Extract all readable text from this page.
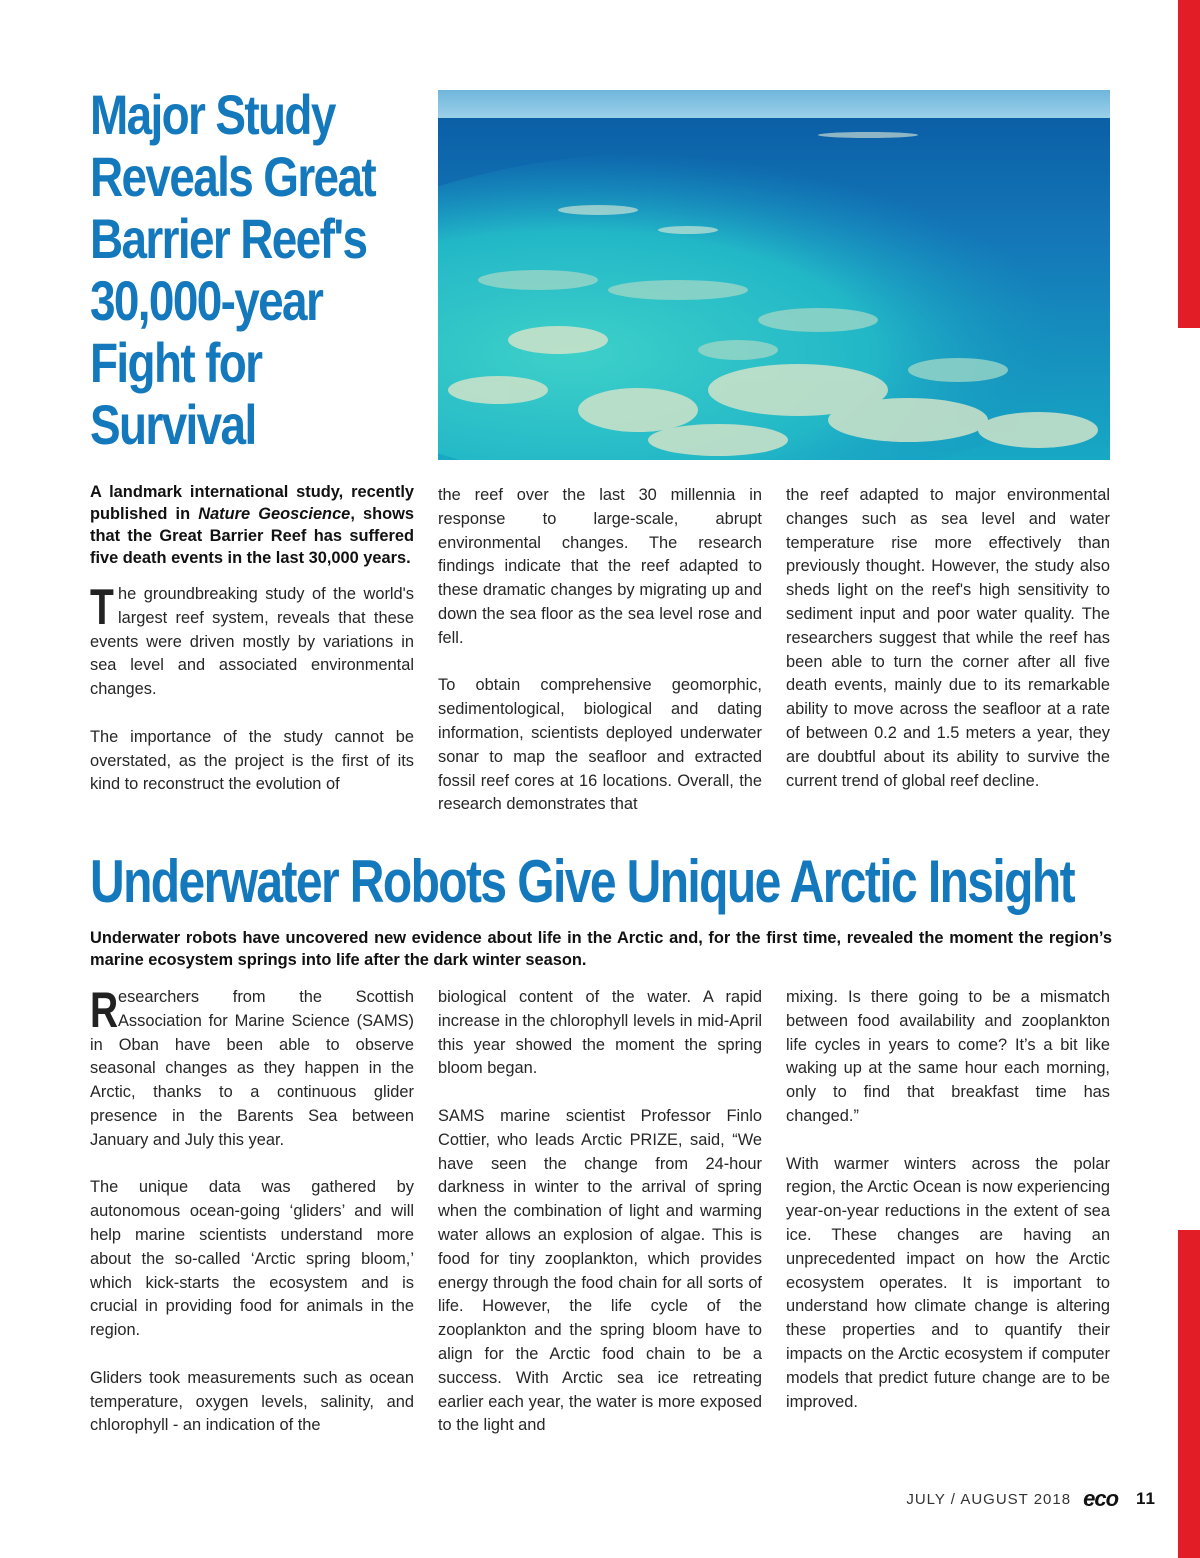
Major Study Reveals Great Barrier Reef's 30,000-year Fight for Survival

A landmark international study, recently published in Nature Geoscience, shows that the Great Barrier Reef has suffered five death events in the last 30,000 years.

The groundbreaking study of the world's largest reef system, reveals that these events were driven mostly by variations in sea level and associated environmental changes.

The importance of the study cannot be overstated, as the project is the first of its kind to reconstruct the evolution of

the reef over the last 30 millennia in response to large-scale, abrupt environmental changes. The research findings indicate that the reef adapted to these dramatic changes by migrating up and down the sea floor as the sea level rose and fell.

To obtain comprehensive geomorphic, sedimentological, biological and dating information, scientists deployed underwater sonar to map the seafloor and extracted fossil reef cores at 16 locations. Overall, the research demonstrates that

the reef adapted to major environmental changes such as sea level and water temperature rise more effectively than previously thought. However, the study also sheds light on the reef's high sensitivity to sediment input and poor water quality. The researchers suggest that while the reef has been able to turn the corner after all five death events, mainly due to its remarkable ability to move across the seafloor at a rate of between 0.2 and 1.5 meters a year, they are doubtful about its ability to survive the current trend of global reef decline.

Underwater Robots Give Unique Arctic Insight

Underwater robots have uncovered new evidence about life in the Arctic and, for the first time, revealed the moment the region’s marine ecosystem springs into life after the dark winter season.

Researchers from the Scottish Association for Marine Science (SAMS) in Oban have been able to observe seasonal changes as they happen in the Arctic, thanks to a continuous glider presence in the Barents Sea between January and July this year.

The unique data was gathered by autonomous ocean-going ‘gliders’ and will help marine scientists understand more about the so-called ‘Arctic spring bloom,’ which kick-starts the ecosystem and is crucial in providing food for animals in the region.

Gliders took measurements such as ocean temperature, oxygen levels, salinity, and chlorophyll - an indication of the

biological content of the water. A rapid increase in the chlorophyll levels in mid-April this year showed the moment the spring bloom began.

SAMS marine scientist Professor Finlo Cottier, who leads Arctic PRIZE, said, “We have seen the change from 24-hour darkness in winter to the arrival of spring when the combination of light and warming water allows an explosion of algae. This is food for tiny zooplankton, which provides energy through the food chain for all sorts of life. However, the life cycle of the zooplankton and the spring bloom have to align for the Arctic food chain to be a success. With Arctic sea ice retreating earlier each year, the water is more exposed to the light and

mixing. Is there going to be a mismatch between food availability and zooplankton life cycles in years to come? It’s a bit like waking up at the same hour each morning, only to find that breakfast time has changed.”

With warmer winters across the polar region, the Arctic Ocean is now experiencing year-on-year reductions in the extent of sea ice. These changes are having an unprecedented impact on how the Arctic ecosystem operates. It is important to understand how climate change is altering these properties and to quantify their impacts on the Arctic ecosystem if computer models that predict future change are to be improved.

JULY / AUGUST 2018 eco 11
